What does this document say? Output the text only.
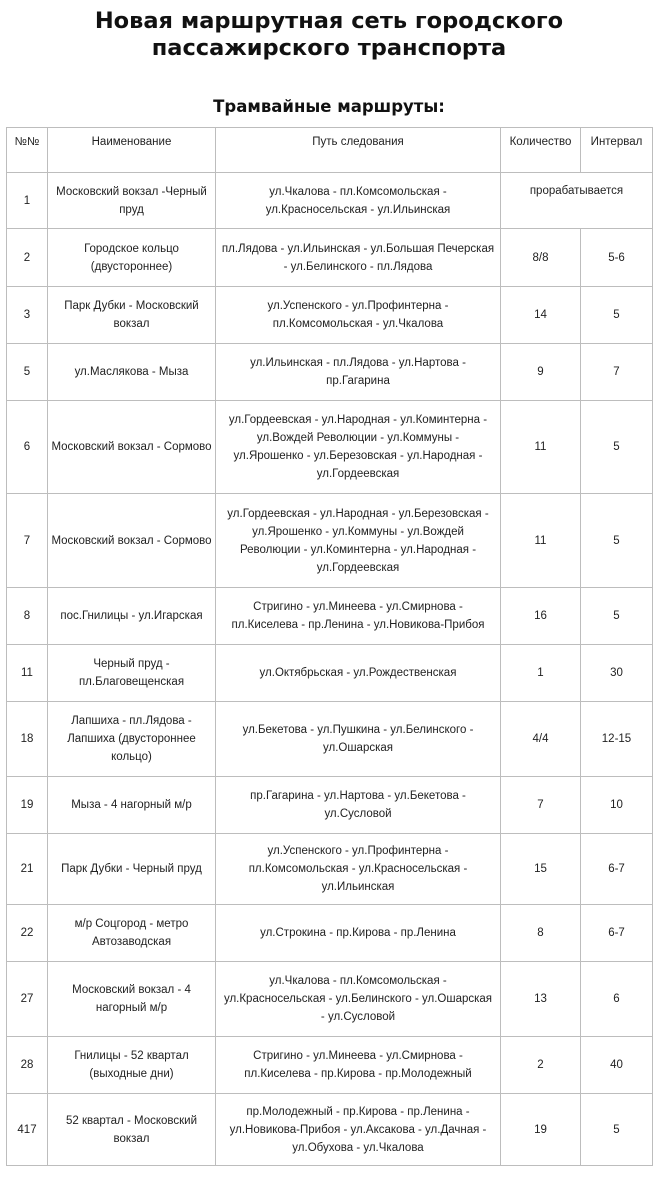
Новая маршрутная сеть городского
пассажирского транспорта
Трамвайные маршруты:
№№	Наименование	Путь следования	Количество	Интервал
1	Московский вокзал -Черный
пруд	ул.Чкалова - пл.Комсомольская -
ул.Красносельская - ул.Ильинская	прорабатывается	
2	Городское кольцо
(двустороннее)	пл.Лядова - ул.Ильинская - ул.Большая Печерская
- ул.Белинского - пл.Лядова	8/8	5-6
3	Парк Дубки - Московский
вокзал	ул.Успенского - ул.Профинтерна -
пл.Комсомольская - ул.Чкалова	14	5
5	ул.Маслякова - Мыза	ул.Ильинская - пл.Лядова - ул.Нартова -
пр.Гагарина	9	7
6	Московский вокзал - Сормово	ул.Гордеевская - ул.Народная - ул.Коминтерна -
ул.Вождей Революции - ул.Коммуны -
ул.Ярошенко - ул.Березовская - ул.Народная -
ул.Гордеевская	11	5
7	Московский вокзал - Сормово	ул.Гордеевская - ул.Народная - ул.Березовская -
ул.Ярошенко - ул.Коммуны - ул.Вождей
Революции - ул.Коминтерна - ул.Народная -
ул.Гордеевская	11	5
8	пос.Гнилицы - ул.Игарская	Стригино - ул.Минеева - ул.Смирнова -
пл.Киселева - пр.Ленина - ул.Новикова-Прибоя	16	5
11	Черный пруд -
пл.Благовещенская	ул.Октябрьская - ул.Рождественская	1	30
18	Лапшиха - пл.Лядова -
Лапшиха (двустороннее
кольцо)	ул.Бекетова - ул.Пушкина - ул.Белинского -
ул.Ошарская	4/4	12-15
19	Мыза - 4 нагорный м/р	пр.Гагарина - ул.Нартова - ул.Бекетова -
ул.Сусловой	7	10
21	Парк Дубки - Черный пруд	ул.Успенского - ул.Профинтерна -
пл.Комсомольская - ул.Красносельская -
ул.Ильинская	15	6-7
22	м/р Соцгород - метро
Автозаводская	ул.Строкина - пр.Кирова - пр.Ленина	8	6-7
27	Московский вокзал - 4
нагорный м/р	ул.Чкалова - пл.Комсомольская -
ул.Красносельская - ул.Белинского - ул.Ошарская
- ул.Сусловой	13	6
28	Гнилицы - 52 квартал
(выходные дни)	Стригино - ул.Минеева - ул.Смирнова -
пл.Киселева - пр.Кирова - пр.Молодежный	2	40
417	52 квартал - Московский
вокзал	пр.Молодежный - пр.Кирова - пр.Ленина -
ул.Новикова-Прибоя - ул.Аксакова - ул.Дачная -
ул.Обухова - ул.Чкалова	19	5
